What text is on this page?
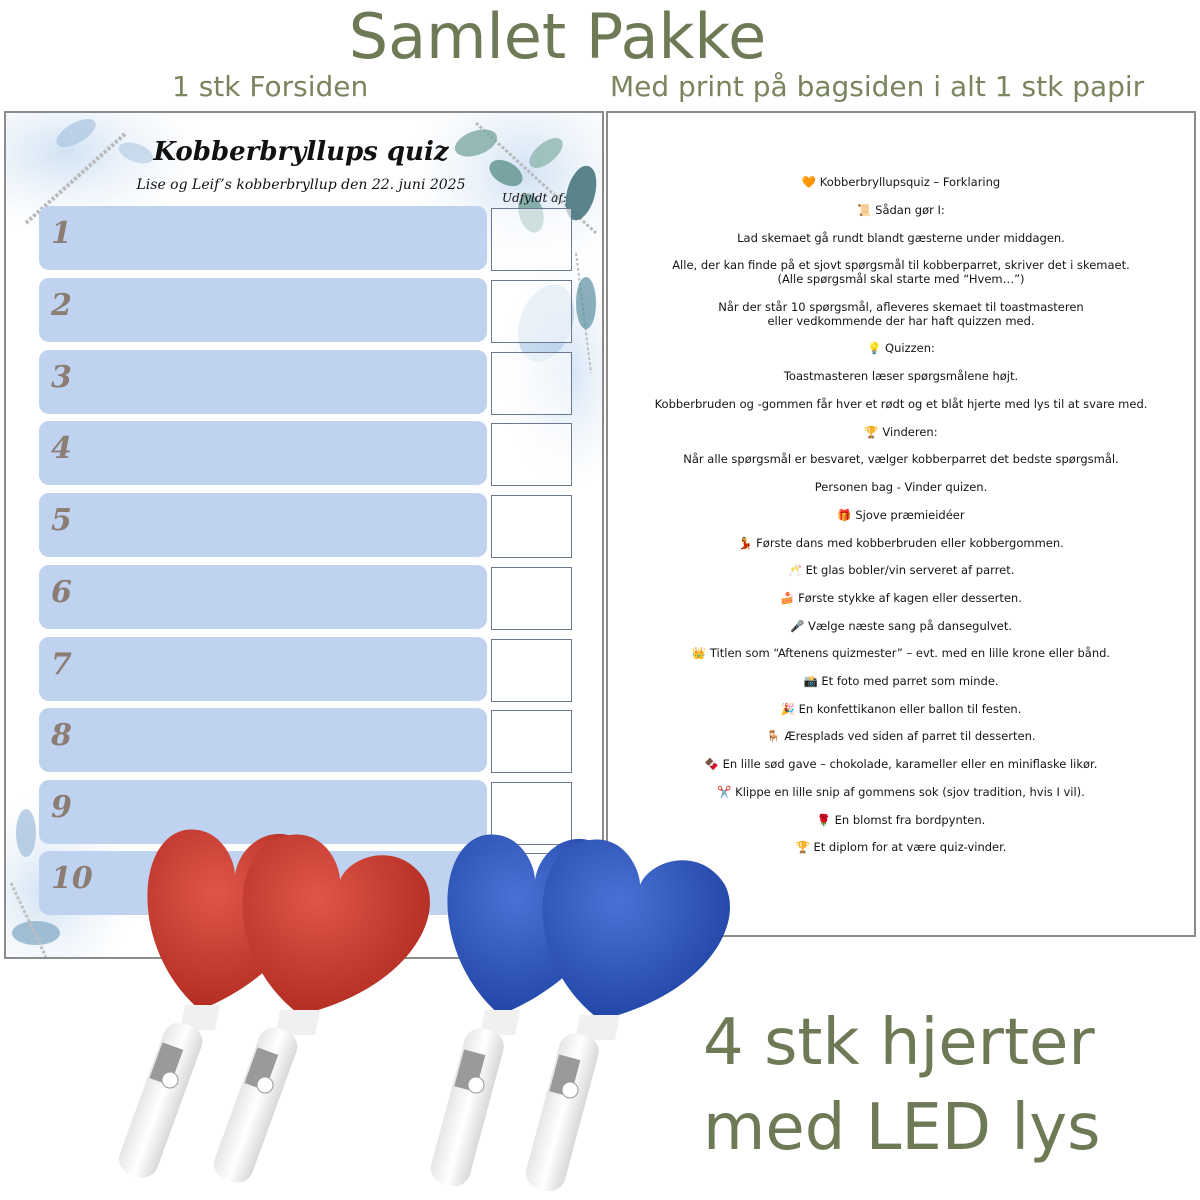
Samlet Pakke
1 stk Forsiden	Med print på bagsiden i alt 1 stk papir
Kobberbryllups quiz
Lise og Leif’s kobberbryllup den 22. juni 2025
Udfyldt af:
1
2
3
4
5
6
7
8
9
10
🧡 Kobberbryllupsquiz – Forklaring
📜 Sådan gør I:
Lad skemaet gå rundt blandt gæsterne under middagen.
Alle, der kan finde på et sjovt spørgsmål til kobberparret, skriver det i skemaet.
(Alle spørgsmål skal starte med “Hvem…”)
Når der står 10 spørgsmål, afleveres skemaet til toastmasteren
eller vedkommende der har haft quizzen med.
💡 Quizzen:
Toastmasteren læser spørgsmålene højt.
Kobberbruden og -gommen får hver et rødt og et blåt hjerte med lys til at svare med.
🏆 Vinderen:
Når alle spørgsmål er besvaret, vælger kobberparret det bedste spørgsmål.
Personen bag - Vinder quizen.
🎁 Sjove præmieidéer
💃 Første dans med kobberbruden eller kobbergommen.
🥂 Et glas bobler/vin serveret af parret.
🍰 Første stykke af kagen eller desserten.
🎤 Vælge næste sang på dansegulvet.
👑 Titlen som “Aftenens quizmester” – evt. med en lille krone eller bånd.
📸 Et foto med parret som minde.
🎉 En konfettikanon eller ballon til festen.
🪑 Æresplads ved siden af parret til desserten.
🍫 En lille sød gave – chokolade, karameller eller en miniflaske likør.
✂️ Klippe en lille snip af gommens sok (sjov tradition, hvis I vil).
🌹 En blomst fra bordpynten.
🏆 Et diplom for at være quiz-vinder.
4 stk hjerter
med LED lys
